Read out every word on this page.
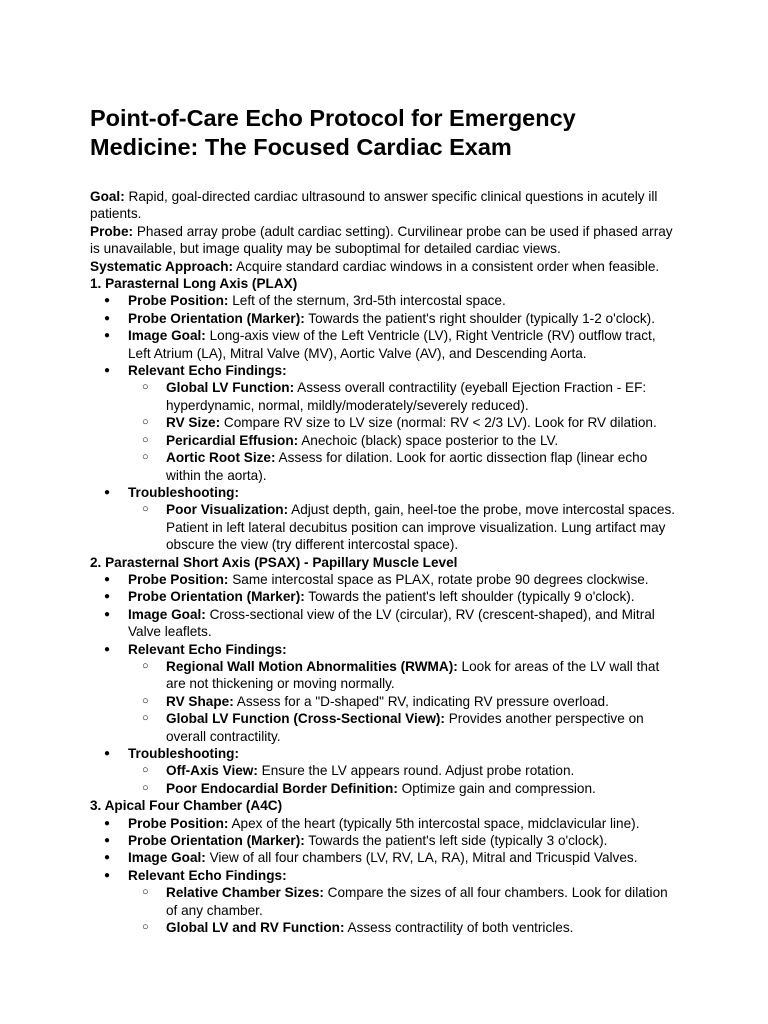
Point-of-Care Echo Protocol for Emergency Medicine: The Focused Cardiac Exam

Goal: Rapid, goal-directed cardiac ultrasound to answer specific clinical questions in acutely ill patients.

Probe: Phased array probe (adult cardiac setting). Curvilinear probe can be used if phased array is unavailable, but image quality may be suboptimal for detailed cardiac views.

Systematic Approach: Acquire standard cardiac windows in a consistent order when feasible.

1. Parasternal Long Axis (PLAX)

● Probe Position: Left of the sternum, 3rd-5th intercostal space.
● Probe Orientation (Marker): Towards the patient's right shoulder (typically 1-2 o'clock).
● Image Goal: Long-axis view of the Left Ventricle (LV), Right Ventricle (RV) outflow tract, Left Atrium (LA), Mitral Valve (MV), Aortic Valve (AV), and Descending Aorta.
● Relevant Echo Findings:
○ Global LV Function: Assess overall contractility (eyeball Ejection Fraction - EF: hyperdynamic, normal, mildly/moderately/severely reduced).
○ RV Size: Compare RV size to LV size (normal: RV < 2/3 LV). Look for RV dilation.
○ Pericardial Effusion: Anechoic (black) space posterior to the LV.
○ Aortic Root Size: Assess for dilation. Look for aortic dissection flap (linear echo within the aorta).
● Troubleshooting:
○ Poor Visualization: Adjust depth, gain, heel-toe the probe, move intercostal spaces. Patient in left lateral decubitus position can improve visualization. Lung artifact may obscure the view (try different intercostal space).

2. Parasternal Short Axis (PSAX) - Papillary Muscle Level

● Probe Position: Same intercostal space as PLAX, rotate probe 90 degrees clockwise.
● Probe Orientation (Marker): Towards the patient's left shoulder (typically 9 o'clock).
● Image Goal: Cross-sectional view of the LV (circular), RV (crescent-shaped), and Mitral Valve leaflets.
● Relevant Echo Findings:
○ Regional Wall Motion Abnormalities (RWMA): Look for areas of the LV wall that are not thickening or moving normally.
○ RV Shape: Assess for a "D-shaped" RV, indicating RV pressure overload.
○ Global LV Function (Cross-Sectional View): Provides another perspective on overall contractility.
● Troubleshooting:
○ Off-Axis View: Ensure the LV appears round. Adjust probe rotation.
○ Poor Endocardial Border Definition: Optimize gain and compression.

3. Apical Four Chamber (A4C)

● Probe Position: Apex of the heart (typically 5th intercostal space, midclavicular line).
● Probe Orientation (Marker): Towards the patient's left side (typically 3 o'clock).
● Image Goal: View of all four chambers (LV, RV, LA, RA), Mitral and Tricuspid Valves.
● Relevant Echo Findings:
○ Relative Chamber Sizes: Compare the sizes of all four chambers. Look for dilation of any chamber.
○ Global LV and RV Function: Assess contractility of both ventricles.
